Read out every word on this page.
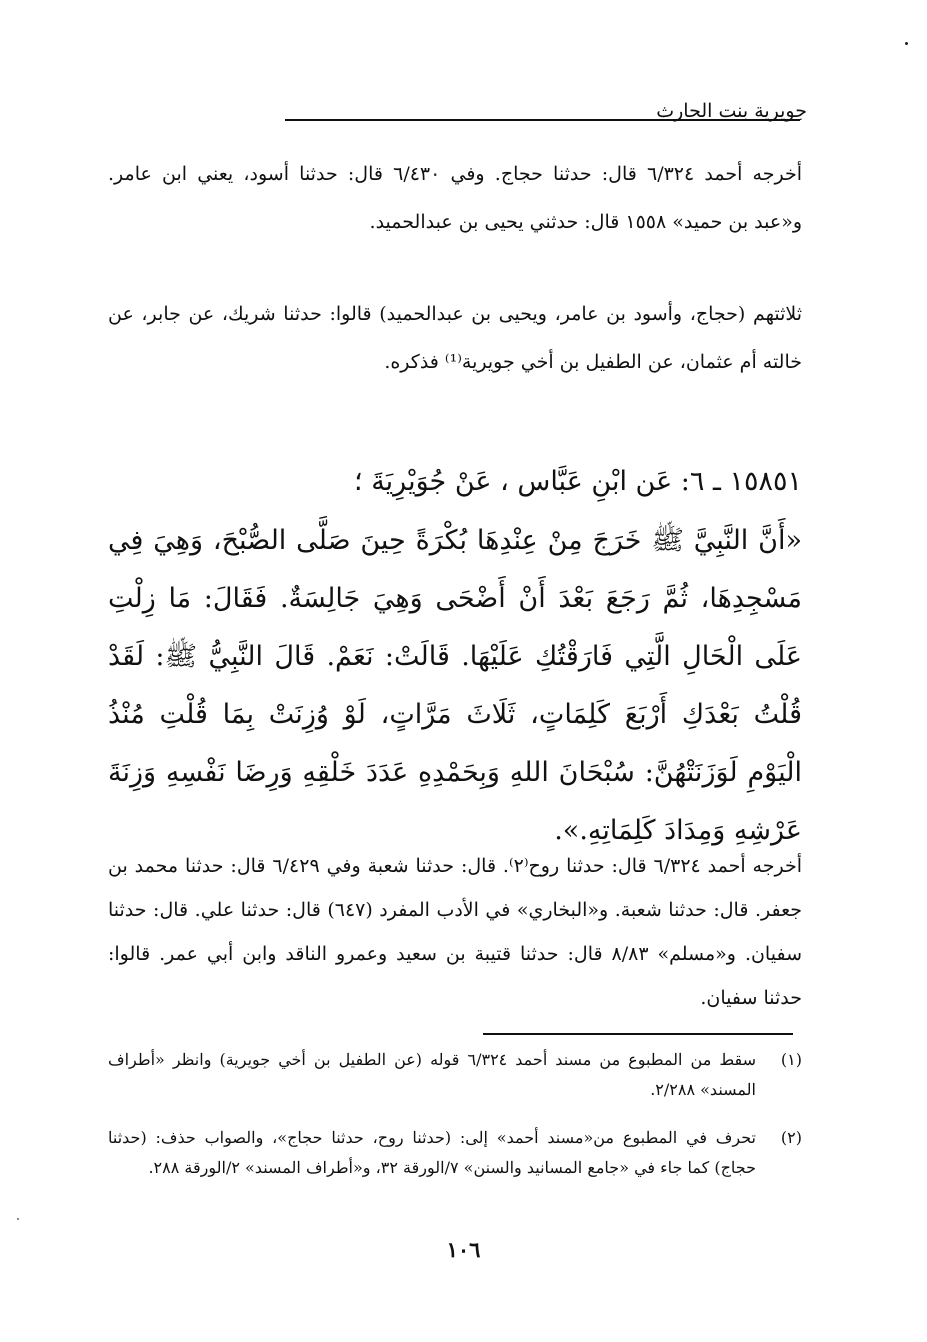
جويرية بنت الحارث
أخرجه أحمد ٦/٣٢٤ قال: حدثنا حجاج. وفي ٦/٤٣٠ قال: حدثنا أسود، يعني ابن عامر. و«عبد بن حميد» ١٥٥٨ قال: حدثني يحيى بن عبدالحميد.
ثلاثتهم (حجاج، وأسود بن عامر، ويحيى بن عبدالحميد) قالوا: حدثنا شريك، عن جابر، عن خالته أم عثمان، عن الطفيل بن أخي جويرية⁽¹⁾ فذكره.
١٥٨٥١ ـ ٦: عَن ابْنِ عَبَّاس ، عَنْ جُوَيْرِيَةَ ؛
«أَنَّ النَّبِيَّ ﷺ خَرَجَ مِنْ عِنْدِهَا بُكْرَةً حِينَ صَلَّى الصُّبْحَ، وَهِيَ فِي مَسْجِدِهَا، ثُمَّ رَجَعَ بَعْدَ أَنْ أَضْحَى وَهِيَ جَالِسَةٌ. فَقَالَ: مَا زِلْتِ عَلَى الْحَالِ الَّتِي فَارَقْتُكِ عَلَيْهَا. قَالَتْ: نَعَمْ. قَالَ النَّبِيُّ ﷺ: لَقَدْ قُلْتُ بَعْدَكِ أَرْبَعَ كَلِمَاتٍ، ثَلَاثَ مَرَّاتٍ، لَوْ وُزِنَتْ بِمَا قُلْتِ مُنْذُ الْيَوْمِ لَوَزَنَتْهُنَّ: سُبْحَانَ اللهِ وَبِحَمْدِهِ عَدَدَ خَلْقِهِ وَرِضَا نَفْسِهِ وَزِنَةَ عَرْشِهِ وَمِدَادَ كَلِمَاتِهِ.».
أخرجه أحمد ٦/٣٢٤ قال: حدثنا روح⁽٢⁾. قال: حدثنا شعبة وفي ٦/٤٢٩ قال: حدثنا محمد بن جعفر. قال: حدثنا شعبة. و«البخاري» في الأدب المفرد (٦٤٧) قال: حدثنا علي. قال: حدثنا سفيان. و«مسلم» ٨/٨٣ قال: حدثنا قتيبة بن سعيد وعمرو الناقد وابن أبي عمر. قالوا: حدثنا سفيان.
(١)
سقط من المطبوع من مسند أحمد ٦/٣٢٤ قوله (عن الطفيل بن أخي جويرية) وانظر «أطراف المسند» ٢/٢٨٨.
(٢)
تحرف في المطبوع من«مسند أحمد» إلى: (حدثنا روح، حدثنا حجاج»، والصواب حذف: (حدثنا حجاج) كما جاء في «جامع المسانيد والسنن» ٧/الورقة ٣٢، و«أطراف المسند» ٢/الورقة ٢٨٨.
١٠٦
